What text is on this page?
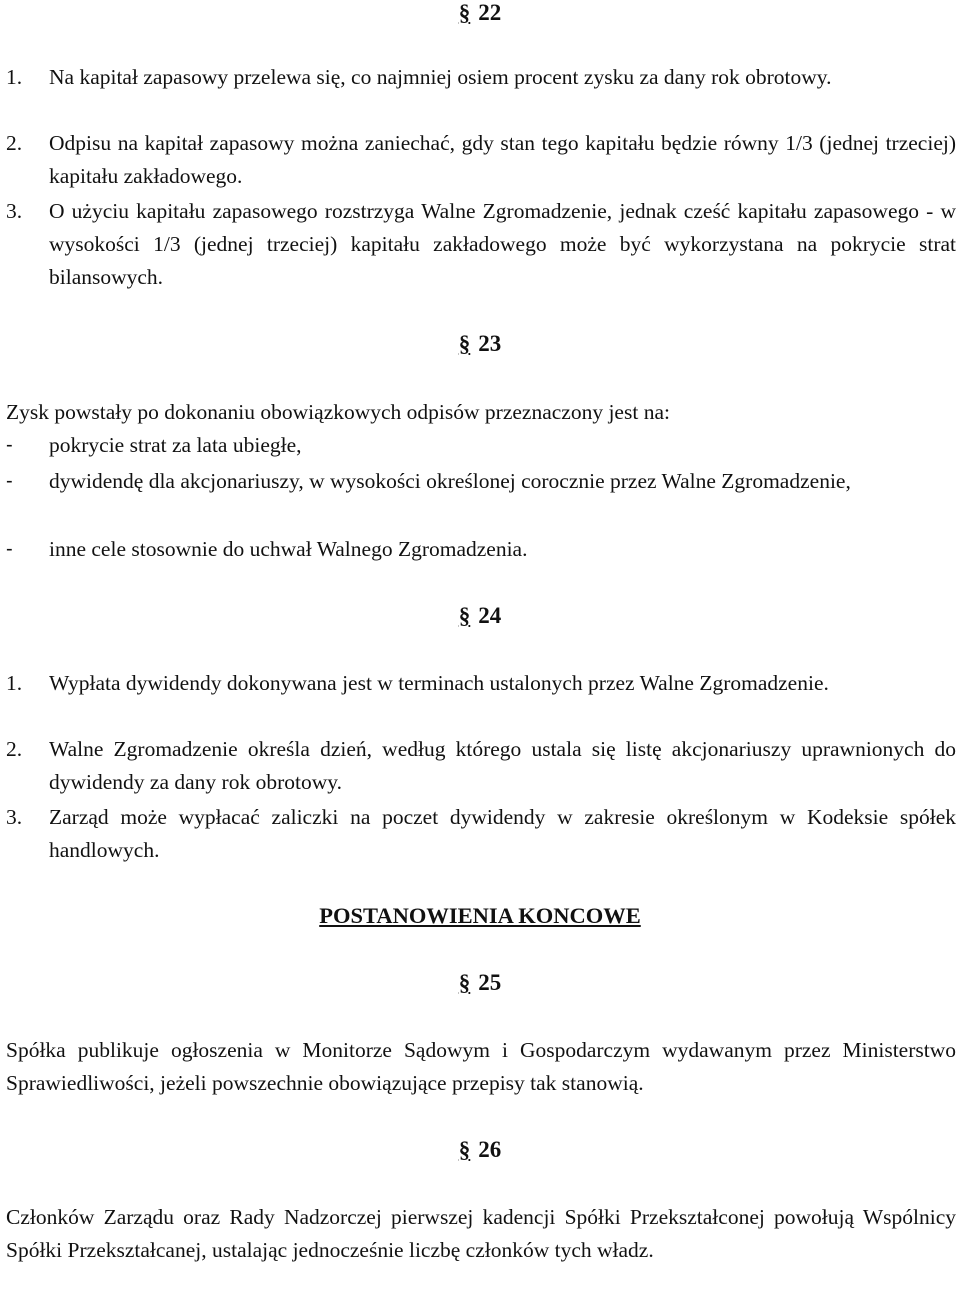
§ 22
1.	Na kapitał zapasowy przelewa się, co najmniej osiem procent zysku za dany rok obrotowy.
2.	Odpisu na kapitał zapasowy można zaniechać, gdy stan tego kapitału będzie równy 1/3 (jednej trzeciej) kapitału zakładowego.
3.	O użyciu kapitału zapasowego rozstrzyga Walne Zgromadzenie, jednak cześć kapitału zapasowego - w wysokości 1/3 (jednej trzeciej) kapitału zakładowego może być wykorzystana na pokrycie strat bilansowych.
§ 23
Zysk powstały po dokonaniu obowiązkowych odpisów przeznaczony jest na:
-	pokrycie strat za lata ubiegłe,
-	dywidendę dla akcjonariuszy, w wysokości określonej corocznie przez Walne Zgromadzenie,
-	inne cele stosownie do uchwał Walnego Zgromadzenia.
§ 24
1.	Wypłata dywidendy dokonywana jest w terminach ustalonych przez Walne Zgromadzenie.
2.	Walne Zgromadzenie określa dzień, według którego ustala się listę akcjonariuszy uprawnionych do dywidendy za dany rok obrotowy.
3.	Zarząd może wypłacać zaliczki na poczet dywidendy w zakresie określonym w Kodeksie spółek handlowych.
POSTANOWIENIA KONCOWE
§ 25
Spółka publikuje ogłoszenia w Monitorze Sądowym i Gospodarczym wydawanym przez Ministerstwo Sprawiedliwości, jeżeli powszechnie obowiązujące przepisy tak stanowią.
§ 26
Członków Zarządu oraz Rady Nadzorczej pierwszej kadencji Spółki Przekształconej powołują Wspólnicy Spółki Przekształcanej, ustalając jednocześnie liczbę członków tych władz.
